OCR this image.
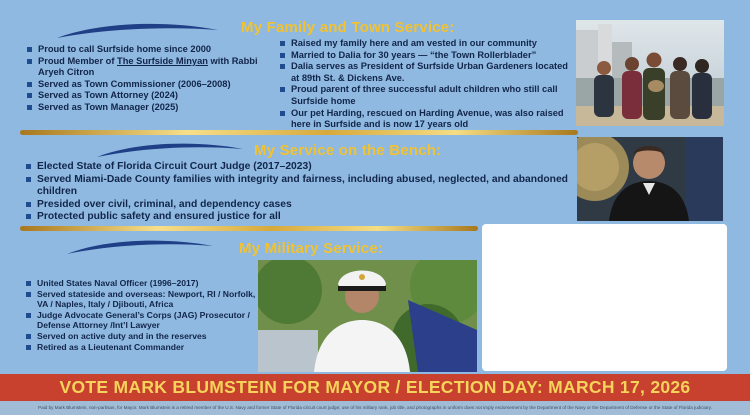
My Family and Town Service:
Proud to call Surfside home since 2000
Proud Member of The Surfside Minyan with Rabbi Aryeh Citron
Served as Town Commissioner (2006–2008)
Served as Town Attorney (2024)
Served as Town Manager (2025)
Raised my family here and am vested in our community
Married to Dalia for 30 years — “the Town Rollerblader”
Dalia serves as President of Surfside Urban Gardeners located at 89th St. & Dickens Ave.
Proud parent of three successful adult children who still call Surfside home
Our pet Harding, rescued on Harding Avenue, was also raised here in Surfside and is now 17 years old
My Service on the Bench:
Elected State of Florida Circuit Court Judge (2017–2023)
Served Miami-Dade County families with integrity and fairness, including abused, neglected, and abandoned children
Presided over civil, criminal, and dependency cases
Protected public safety and ensured justice for all
My Military Service:
United States Naval Officer (1996–2017)
Served stateside and overseas: Newport, RI / Norfolk, VA / Naples, Italy / Djibouti, Africa
Judge Advocate General’s Corps (JAG) Prosecutor / Defense Attorney /Int’l Lawyer
Served on active duty and in the reserves
Retired as a Lieutenant Commander
VOTE MARK BLUMSTEIN FOR MAYOR / ELECTION DAY: MARCH 17, 2026
Paid by Mark Blumstein, non-partisan, for Mayor. Mark Blumstein is a retired member of the U.S. Navy and former State of Florida circuit court judge; use of his military rank, job title, and photographs in uniform does not imply endorsement by the Department of the Navy or the Department of Defense or the State of Florida judiciary.
